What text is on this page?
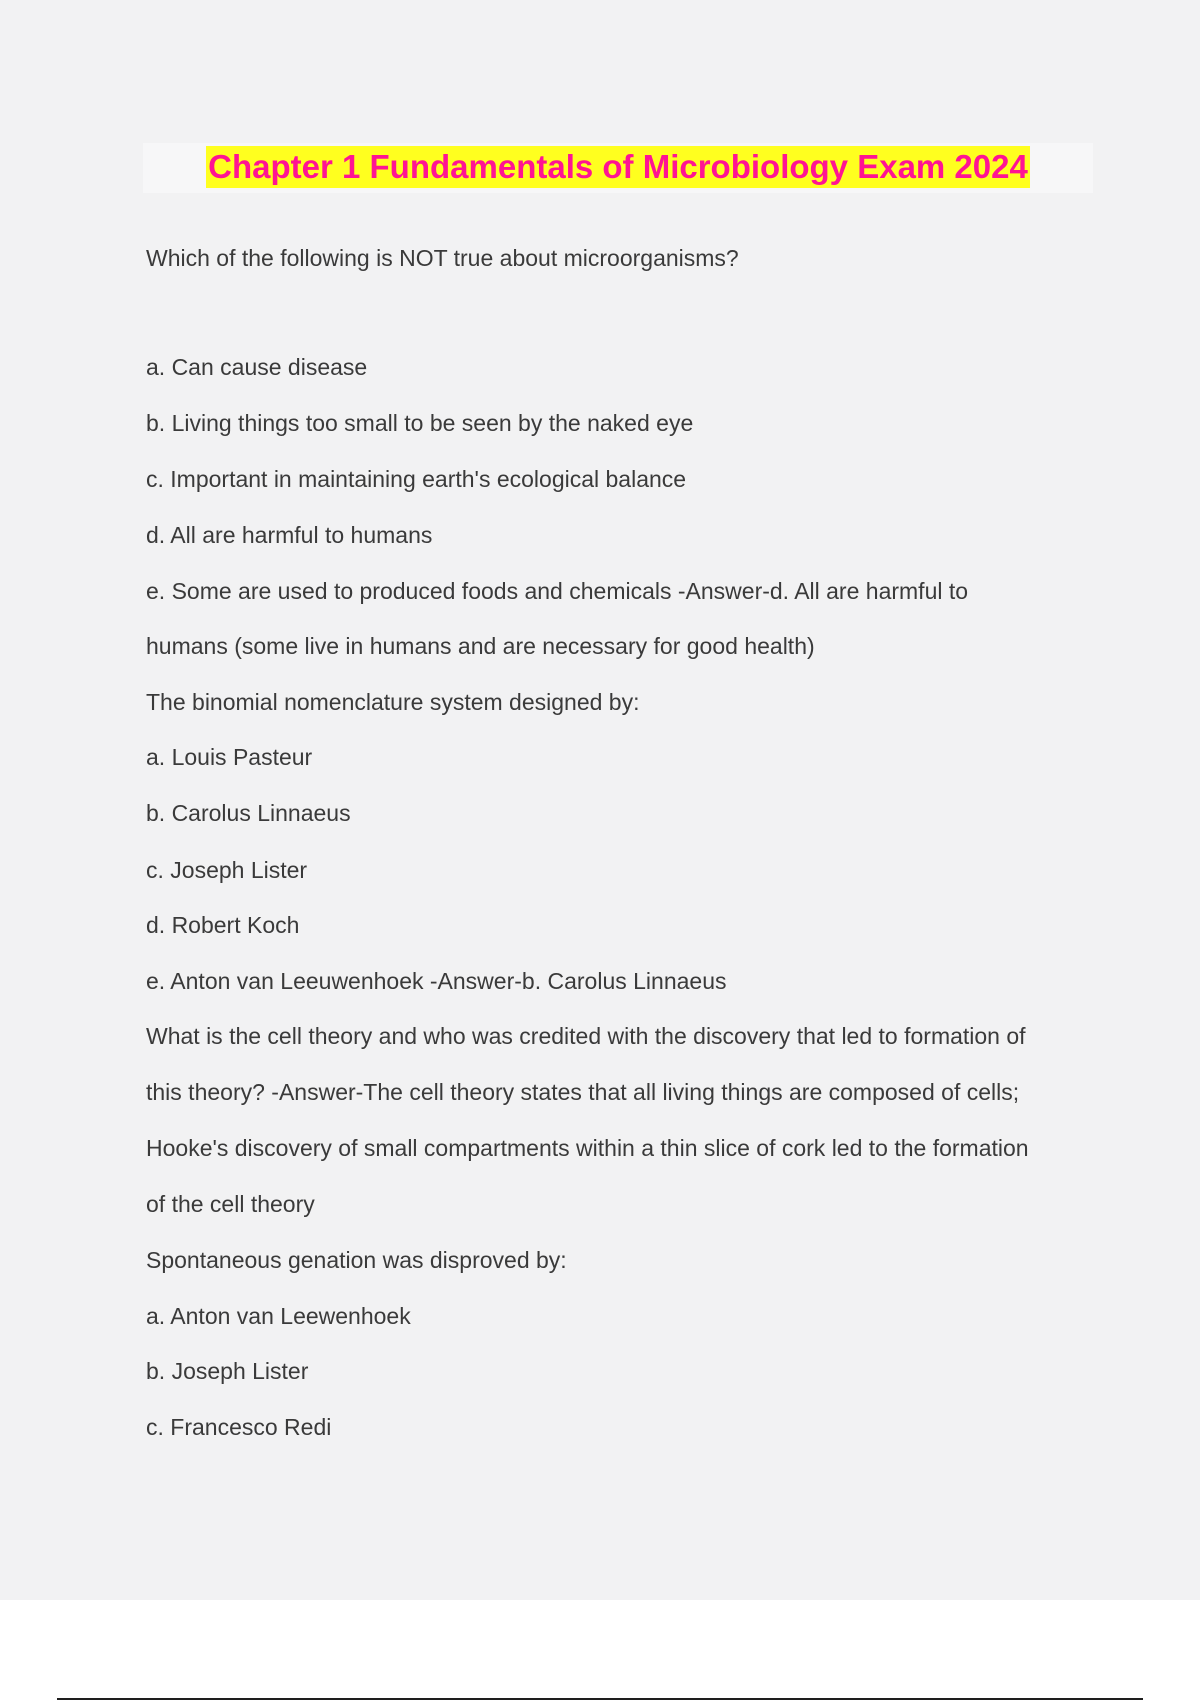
Chapter 1 Fundamentals of Microbiology Exam 2024

Which of the following is NOT true about microorganisms?

a. Can cause disease

b. Living things too small to be seen by the naked eye

c. Important in maintaining earth's ecological balance

d. All are harmful to humans

e. Some are used to produced foods and chemicals -Answer-d. All are harmful to

humans (some live in humans and are necessary for good health)

The binomial nomenclature system designed by:

a. Louis Pasteur

b. Carolus Linnaeus

c. Joseph Lister

d. Robert Koch

e. Anton van Leeuwenhoek -Answer-b. Carolus Linnaeus

What is the cell theory and who was credited with the discovery that led to formation of

this theory? -Answer-The cell theory states that all living things are composed of cells;

Hooke's discovery of small compartments within a thin slice of cork led to the formation

of the cell theory

Spontaneous genation was disproved by:

a. Anton van Leewenhoek

b. Joseph Lister

c. Francesco Redi
